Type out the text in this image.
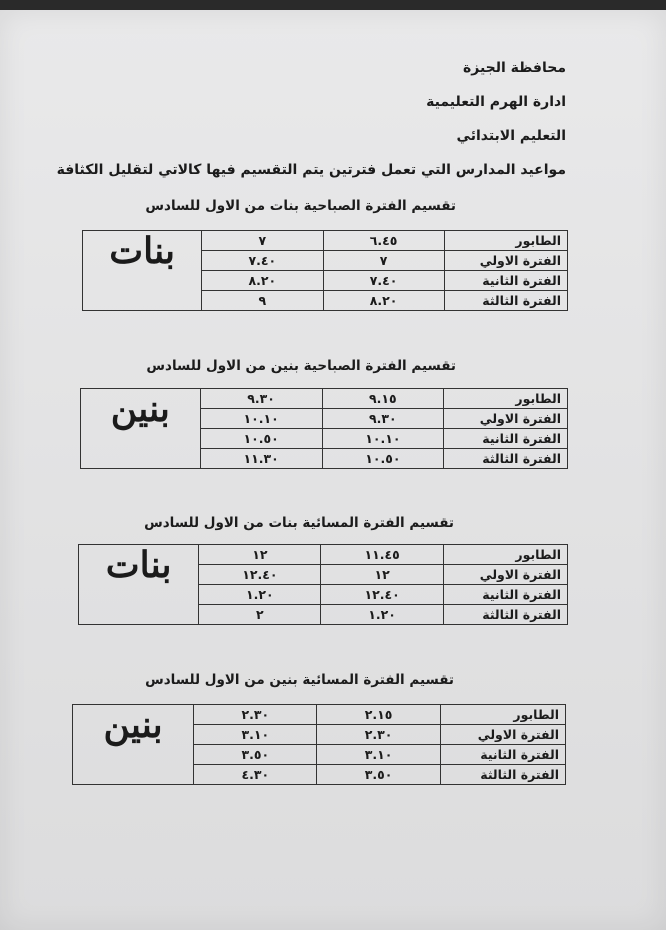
محافظة الجيزة
ادارة الهرم التعليمية
التعليم الابتدائي
مواعيد المدارس التي تعمل فترتين يتم التقسيم فيها كالاتي لتقليل الكثافة
تقسيم الفترة الصباحية بنات من الاول للسادس
الطابور	٦.٤٥	٧	بنات
الفترة الاولي	٧	٧.٤٠	
الفترة الثانية	٧.٤٠	٨.٢٠	
الفترة الثالثة	٨.٢٠	٩	
تقسيم الفترة الصباحية بنين من الاول للسادس
الطابور	٩.١٥	٩.٣٠	بنين
الفترة الاولي	٩.٣٠	١٠.١٠	
الفترة الثانية	١٠.١٠	١٠.٥٠	
الفترة الثالثة	١٠.٥٠	١١.٣٠	
تقسيم الفترة المسائية بنات من الاول للسادس
الطابور	١١.٤٥	١٢	بنات
الفترة الاولي	١٢	١٢.٤٠	
الفترة الثانية	١٢.٤٠	١.٢٠	
الفترة الثالثة	١.٢٠	٢	
تقسيم الفترة المسائية بنين من الاول للسادس
الطابور	٢.١٥	٢.٣٠	بنين
الفترة الاولي	٢.٣٠	٣.١٠	
الفترة الثانية	٣.١٠	٣.٥٠	
الفترة الثالثة	٣.٥٠	٤.٣٠	
